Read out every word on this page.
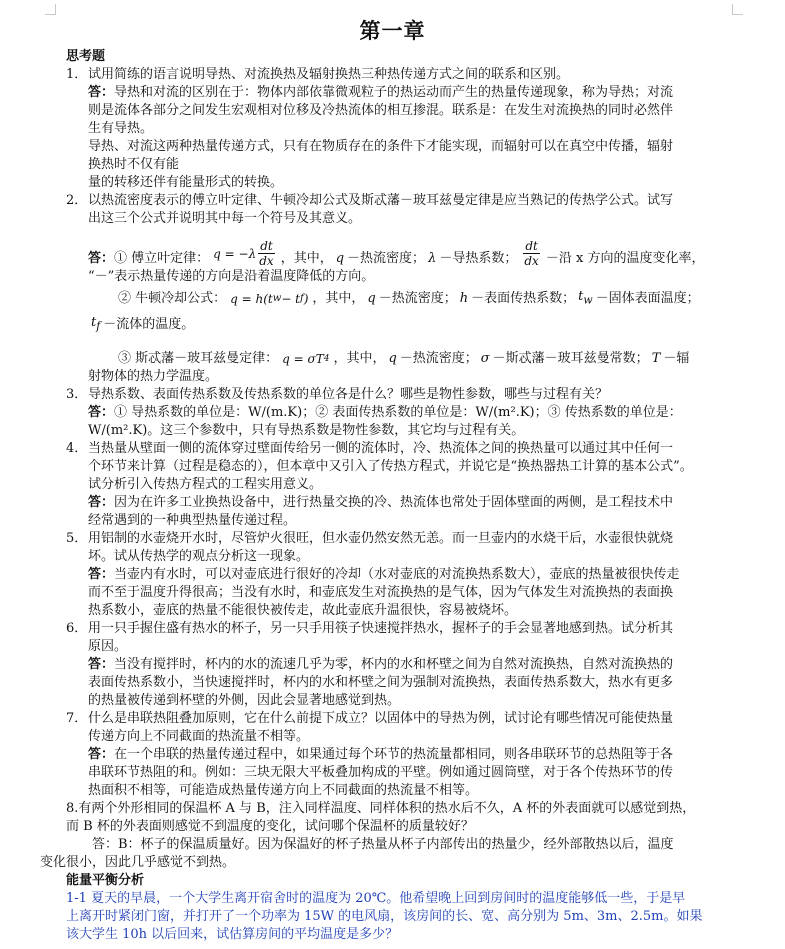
第一章

思考题

1． 试用简练的语言说明导热、对流换热及辐射换热三种热传递方式之间的联系和区别。

答：导热和对流的区别在于：物体内部依靠微观粒子的热运动而产生的热量传递现象，称为导热；对流
则是流体各部分之间发生宏观相对位移及冷热流体的相互掺混。联系是：在发生对流换热的同时必然伴
生有导热。
导热、对流这两种热量传递方式，只有在物质存在的条件下才能实现，而辐射可以在真空中传播，辐射
换热时不仅有能
量的转移还伴有能量形式的转换。

2． 以热流密度表示的傅立叶定律、牛顿冷却公式及斯忒藩－玻耳兹曼定律是应当熟记的传热学公式。试写
出这三个公式并说明其中每一个符号及其意义。

答： ① 傅立叶定律： $q = -\lambda \frac{dt}{dx}$ ，其中， q －热流密度； λ －导热系数； $\frac{dt}{dx}$ －沿 x 方向的温度变化率，

“－”表示热量传递的方向是沿着温度降低的方向。

② 牛顿冷却公式： q = h(t w − t f ) ，其中， q －热流密度； h －表面传热系数； $t_w$ －固体表面温度；
$t_f$ －流体的温度。
③ 斯忒藩－玻耳兹曼定律： q = σT 4 ，其中， q －热流密度； σ －斯忒藩－玻耳兹曼常数； T －辐

射物体的热力学温度。

3． 导热系数、表面传热系数及传热系数的单位各是什么？哪些是物性参数，哪些与过程有关？

答：① 导热系数的单位是：W/(m.K)；② 表面传热系数的单位是：W/(m².K)；③ 传热系数的单位是：
W/(m².K)。这三个参数中，只有导热系数是物性参数，其它均与过程有关。

4． 当热量从壁面一侧的流体穿过壁面传给另一侧的流体时，冷、热流体之间的换热量可以通过其中任何一
个环节来计算（过程是稳态的），但本章中又引入了传热方程式，并说它是“换热器热工计算的基本公式”。
试分析引入传热方程式的工程实用意义。

答：因为在许多工业换热设备中，进行热量交换的冷、热流体也常处于固体壁面的两侧，是工程技术中
经常遇到的一种典型热量传递过程。

5． 用铝制的水壶烧开水时，尽管炉火很旺，但水壶仍然安然无恙。而一旦壶内的水烧干后，水壶很快就烧
坏。试从传热学的观点分析这一现象。

答：当壶内有水时，可以对壶底进行很好的冷却（水对壶底的对流换热系数大），壶底的热量被很快传走
而不至于温度升得很高；当没有水时，和壶底发生对流换热的是气体，因为气体发生对流换热的表面换
热系数小，壶底的热量不能很快被传走，故此壶底升温很快，容易被烧坏。

6． 用一只手握住盛有热水的杯子，另一只手用筷子快速搅拌热水，握杯子的手会显著地感到热。试分析其
原因。

答：当没有搅拌时，杯内的水的流速几乎为零，杯内的水和杯壁之间为自然对流换热，自然对流换热的
表面传热系数小，当快速搅拌时，杯内的水和杯壁之间为强制对流换热，表面传热系数大，热水有更多
的热量被传递到杯壁的外侧，因此会显著地感觉到热。

7． 什么是串联热阻叠加原则，它在什么前提下成立？以固体中的导热为例，试讨论有哪些情况可能使热量
传递方向上不同截面的热流量不相等。

答：在一个串联的热量传递过程中，如果通过每个环节的热流量都相同，则各串联环节的总热阻等于各
串联环节热阻的和。例如：三块无限大平板叠加构成的平壁。例如通过圆筒壁，对于各个传热环节的传
热面积不相等，可能造成热量传递方向上不同截面的热流量不相等。

8.有两个外形相同的保温杯 A 与 B，注入同样温度、同样体积的热水后不久，A 杯的外表面就可以感觉到热，
而 B 杯的外表面则感觉不到温度的变化，试问哪个保温杯的质量较好？

答：B：杯子的保温质量好。因为保温好的杯子热量从杯子内部传出的热量少，经外部散热以后，温度
变化很小，因此几乎感觉不到热。

能量平衡分析

1-1 夏天的早晨，一个大学生离开宿舍时的温度为 20℃。他希望晚上回到房间时的温度能够低一些，于是早
上离开时紧闭门窗，并打开了一个功率为 15W 的电风扇，该房间的长、宽、高分别为 5m、3m、2.5m。如果
该大学生 10h 以后回来，试估算房间的平均温度是多少？
